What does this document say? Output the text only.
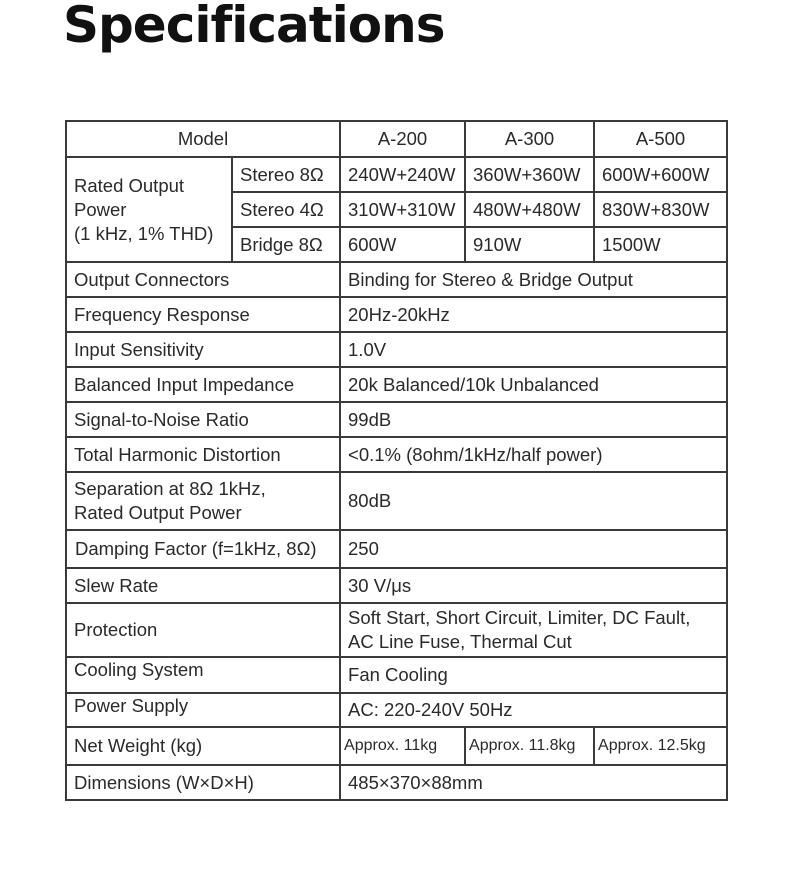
Specifications
Model		A-200	A-300	A-500

Rated Output
Power
(1 kHz, 1% THD)	Stereo 8Ω	240W+240W	360W+360W	600W+600W
	Stereo 4Ω	310W+310W	480W+480W	830W+830W
	Bridge 8Ω	600W	910W	1500W
Output Connectors		Binding for Stereo & Bridge Output		
Frequency Response		20Hz-20kHz		
Input Sensitivity		1.0V		
Balanced Input Impedance		20k Balanced/10k Unbalanced		
Signal-to-Noise Ratio		99dB		
Total Harmonic Distortion		<0.1% (8ohm/1kHz/half power)		

Separation at 8Ω 1kHz,
Rated Output Power		80dB		
Damping Factor (f=1kHz, 8Ω)		250		
Slew Rate		30 V/μs		
Protection		Soft Start, Short Circuit, Limiter, DC Fault,
AC Line Fuse, Thermal Cut		

Cooling System		Fan Cooling		
Power Supply		AC: 220-240V 50Hz		
Net Weight (kg)		Approx. 11kg	Approx. 11.8kg	Approx. 12.5kg
Dimensions (W×D×H)		485×370×88mm		
